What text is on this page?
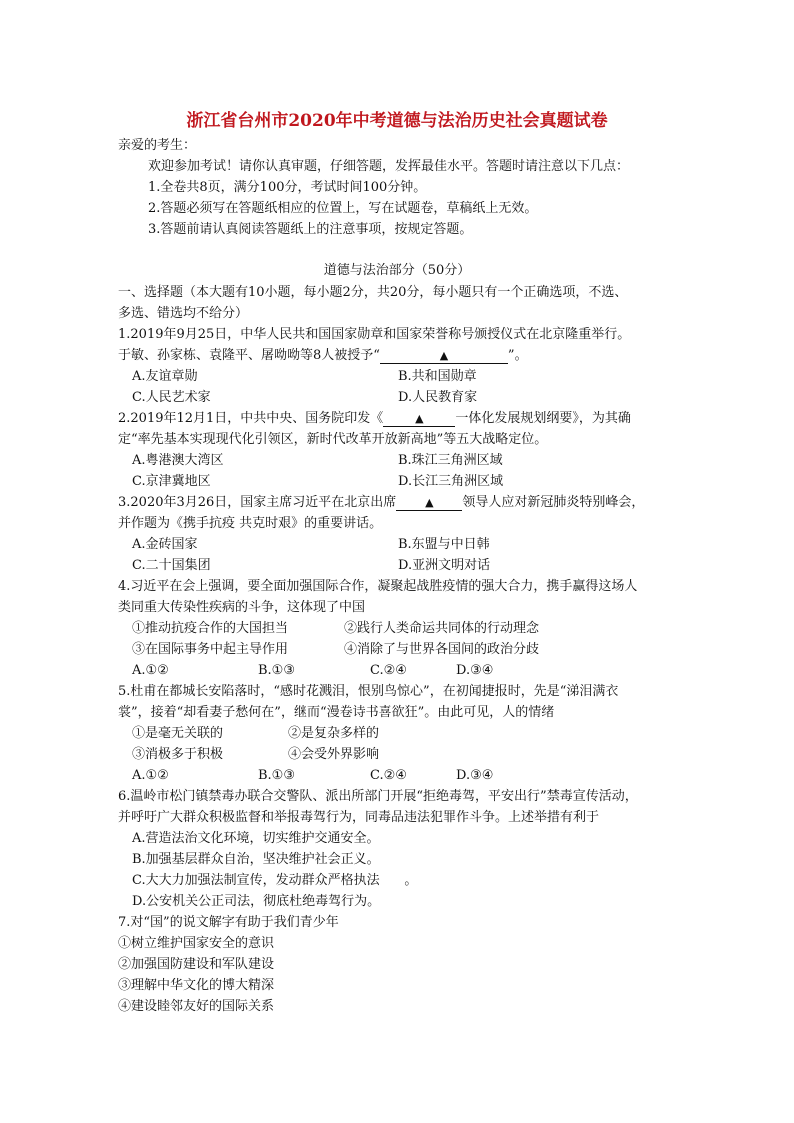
浙江省台州市2020年中考道德与法治历史社会真题试卷
亲爱的考生：
欢迎参加考试！请你认真审题，仔细答题，发挥最佳水平。答题时请注意以下几点：
1.全卷共8页，满分100分，考试时间100分钟。
2.答题必须写在答题纸相应的位置上，写在试题卷，草稿纸上无效。
3.答题前请认真阅读答题纸上的注意事项，按规定答题。
道德与法治部分（50分）
一、选择题（本大题有10小题，每小题2分，共20分，每小题只有一个正确选项，不选、
多选、错选均不给分）
1.2019年9月25日，中华人民共和国国家勋章和国家荣誉称号颁授仪式在北京隆重举行。
于敏、孙家栋、袁隆平、屠呦呦等8人被授予“	▲	”。
A.友谊章勋	B.共和国勋章
C.人民艺术家	D.人民教育家
2.2019年12月1日，中共中央、国务院印发《	▲ 一体化发展规划纲要》，为其确
定“率先基本实现现代化引领区，新时代改革开放新高地”等五大战略定位。
A.粤港澳大湾区	B.珠江三角洲区域
C.京津冀地区	D.长江三角洲区域
3.2020年3月26日，国家主席习近平在北京出席	▲ 领导人应对新冠肺炎特别峰会，
并作题为《携手抗疫 共克时艰》的重要讲话。
A.金砖国家	B.东盟与中日韩
C.二十国集团	D.亚洲文明对话
4.习近平在会上强调，要全面加强国际合作，凝聚起战胜疫情的强大合力，携手赢得这场人
类同重大传染性疾病的斗争，这体现了中国
①推动抗疫合作的大国担当	②践行人类命运共同体的行动理念
③在国际事务中起主导作用	④消除了与世界各国间的政治分歧
A.①②	B.①③	C.②④	D.③④
5.杜甫在都城长安陷落时，“感时花溅泪，恨别鸟惊心”，在初闻捷报时，先是“涕泪满衣
裳”，接着“却看妻子愁何在”，继而“漫卷诗书喜欲狂”。由此可见，人的情绪
①是毫无关联的	②是复杂多样的
③消极多于积极	④会受外界影响
A.①②	B.①③	C.②④	D.③④
6.温岭市松门镇禁毒办联合交警队、派出所部门开展“拒绝毒驾，平安出行”禁毒宣传活动，
并呼吁广大群众积极监督和举报毒驾行为，同毒品违法犯罪作斗争。上述举措有利于
A.营造法治文化环境，切实维护交通安全。
B.加强基层群众自治，坚决维护社会正义。
C.大大力加强法制宣传，发动群众严格执法      。
D.公安机关公正司法，彻底杜绝毒驾行为。
7.对“国”的说文解字有助于我们青少年
①树立维护国家安全的意识
②加强国防建设和军队建设
③理解中华文化的博大精深
④建设睦邻友好的国际关系
